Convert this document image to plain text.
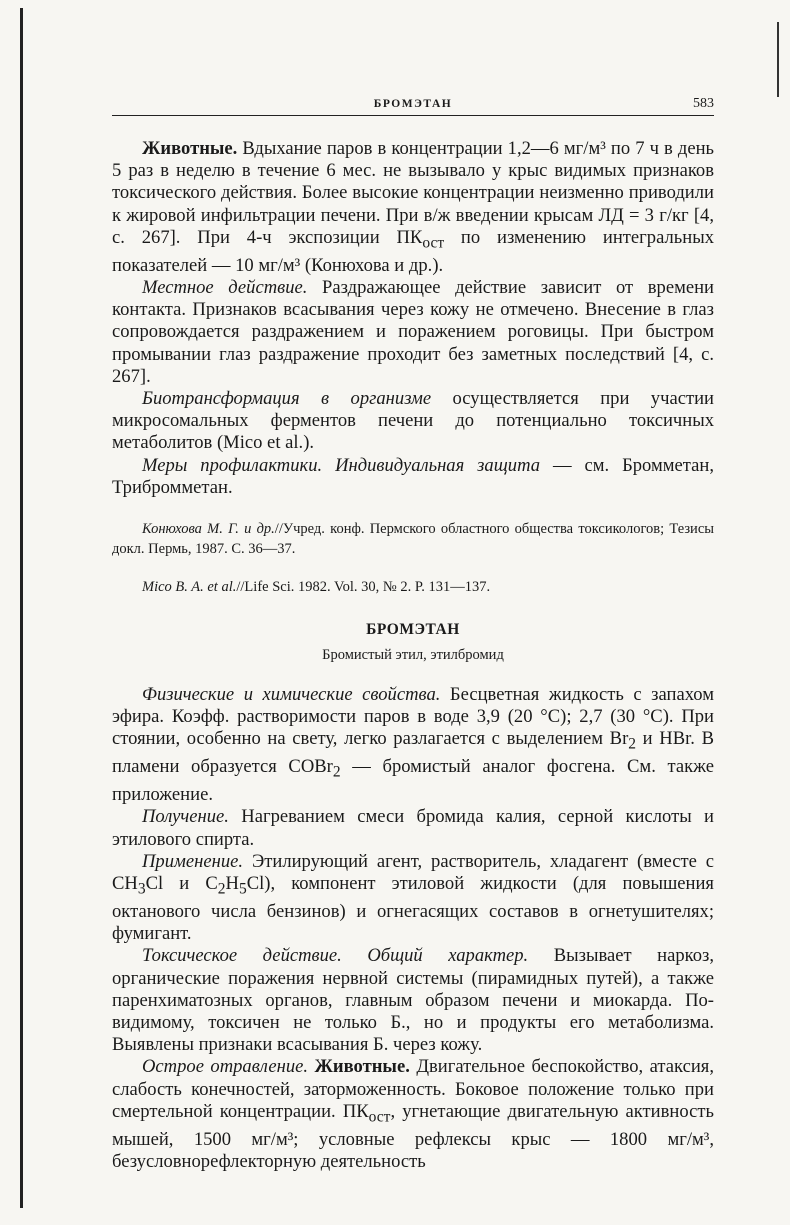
БРОМЭТАН	583

Животные. Вдыхание паров в концентрации 1,2—6 мг/м³ по 7 ч в день 5 раз в неделю в течение 6 мес. не вызывало у крыс видимых признаков токсического действия. Более высокие концентрации неизменно приводили к жировой инфильтрации печени. При в/ж введении крысам ЛД = 3 г/кг [4, с. 267]. При 4-ч экспозиции $ПК_{ост}$ по изменению интегральных показателей — 10 мг/м³ (Конюхова и др.).

Местное действие. Раздражающее действие зависит от времени контакта. Признаков всасывания через кожу не отмечено. Внесение в глаз сопровождается раздражением и поражением роговицы. При быстром промывании глаз раздражение проходит без заметных последствий [4, с. 267].

Биотрансформация в организме осуществляется при участии микросомальных ферментов печени до потенциально токсичных метаболитов (Mico et al.).

Меры профилактики. Индивидуальная защита — см. Бромметан, Трибромметан.

Конюхова М. Г. и др.//Учред. конф. Пермского областного общества токсикологов; Тезисы докл. Пермь, 1987. С. 36—37.

Mico B. A. et al.//Life Sci. 1982. Vol. 30, № 2. P. 131—137.

БРОМЭТАН
Бромистый этил, этилбромид

Физические и химические свойства. Бесцветная жидкость с запахом эфира. Коэфф. растворимости паров в воде 3,9 (20 °C); 2,7 (30 °C). При стоянии, особенно на свету, легко разлагается с выделением $Br_2$ и HBr. В пламени образуется COBr$_2$ — бромистый аналог фосгена. См. также приложение.

Получение. Нагреванием смеси бромида калия, серной кислоты и этилового спирта.

Применение. Этилирующий агент, растворитель, хладагент (вместе с $CH_3Cl$ и $C_2H_5Cl$), компонент этиловой жидкости (для повышения октанового числа бензинов) и огнегасящих составов в огнетушителях; фумигант.

Токсическое действие. Общий характер. Вызывает наркоз, органические поражения нервной системы (пирамидных путей), а также паренхиматозных органов, главным образом печени и миокарда. По-видимому, токсичен не только Б., но и продукты его метаболизма. Выявлены признаки всасывания Б. через кожу.

Острое отравление. Животные. Двигательное беспокойство, атаксия, слабость конечностей, заторможенность. Боковое положение только при смертельной концентрации. $ПК_{ост}$, угнетающие двигательную активность мышей, 1500 мг/м³; условные рефлексы крыс — 1800 мг/м³, безусловнорефлекторную деятельность
